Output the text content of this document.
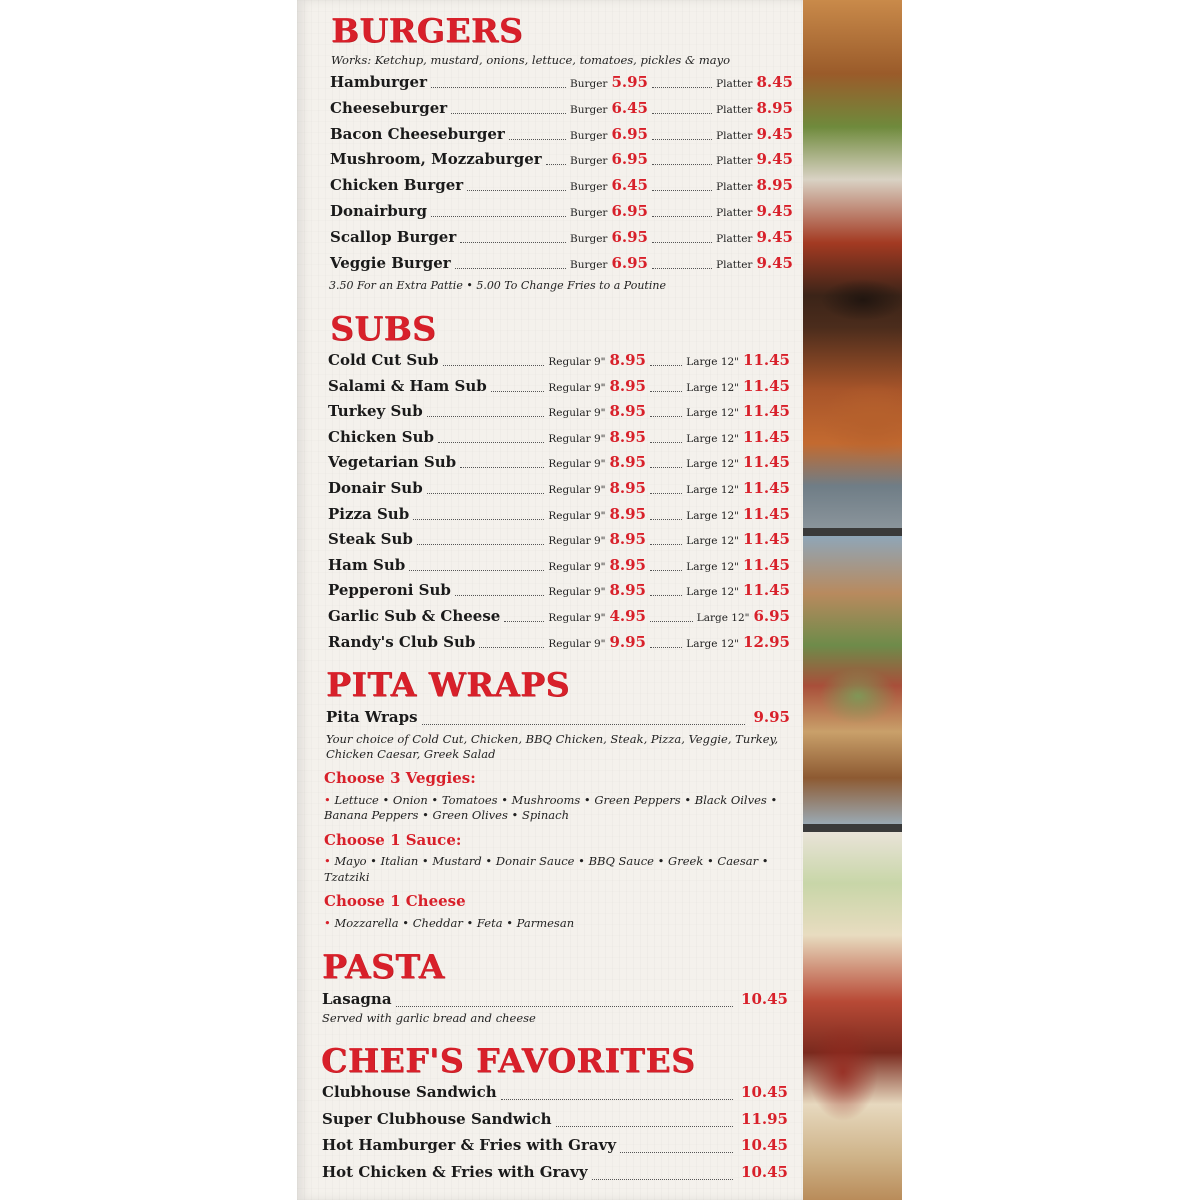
BURGERS
Works: Ketchup, mustard, onions, lettuce, tomatoes, pickles & mayo
Hamburger	Burger 5.95	Platter 8.45
Cheeseburger	Burger 6.45	Platter 8.95
Bacon Cheeseburger	Burger 6.95	Platter 9.45
Mushroom, Mozzaburger	Burger 6.95	Platter 9.45
Chicken Burger	Burger 6.45	Platter 8.95
Donairburg	Burger 6.95	Platter 9.45
Scallop Burger	Burger 6.95	Platter 9.45
Veggie Burger	Burger 6.95	Platter 9.45
3.50 For an Extra Pattie • 5.00 To Change Fries to a Poutine
SUBS
Cold Cut Sub	Regular 9" 8.95	Large 12" 11.45
Salami & Ham Sub	Regular 9" 8.95	Large 12" 11.45
Turkey Sub	Regular 9" 8.95	Large 12" 11.45
Chicken Sub	Regular 9" 8.95	Large 12" 11.45
Vegetarian Sub	Regular 9" 8.95	Large 12" 11.45
Donair Sub	Regular 9" 8.95	Large 12" 11.45
Pizza Sub	Regular 9" 8.95	Large 12" 11.45
Steak Sub	Regular 9" 8.95	Large 12" 11.45
Ham Sub	Regular 9" 8.95	Large 12" 11.45
Pepperoni Sub	Regular 9" 8.95	Large 12" 11.45
Garlic Sub & Cheese	Regular 9" 4.95	Large 12" 6.95
Randy's Club Sub	Regular 9" 9.95	Large 12" 12.95
PITA WRAPS
Pita Wraps	9.95
Your choice of Cold Cut, Chicken, BBQ Chicken, Steak, Pizza, Veggie, Turkey,
Chicken Caesar, Greek Salad
Choose 3 Veggies:
• Lettuce • Onion • Tomatoes • Mushrooms • Green Peppers • Black Oilves •
Banana Peppers • Green Olives • Spinach
Choose 1 Sauce:
• Mayo • Italian • Mustard • Donair Sauce • BBQ Sauce • Greek • Caesar •
Tzatziki
Choose 1 Cheese
• Mozzarella • Cheddar • Feta • Parmesan
PASTA
Lasagna	10.45
Served with garlic bread and cheese
CHEF'S FAVORITES
Clubhouse Sandwich	10.45
Super Clubhouse Sandwich	11.95
Hot Hamburger & Fries with Gravy	10.45
Hot Chicken & Fries with Gravy	10.45
